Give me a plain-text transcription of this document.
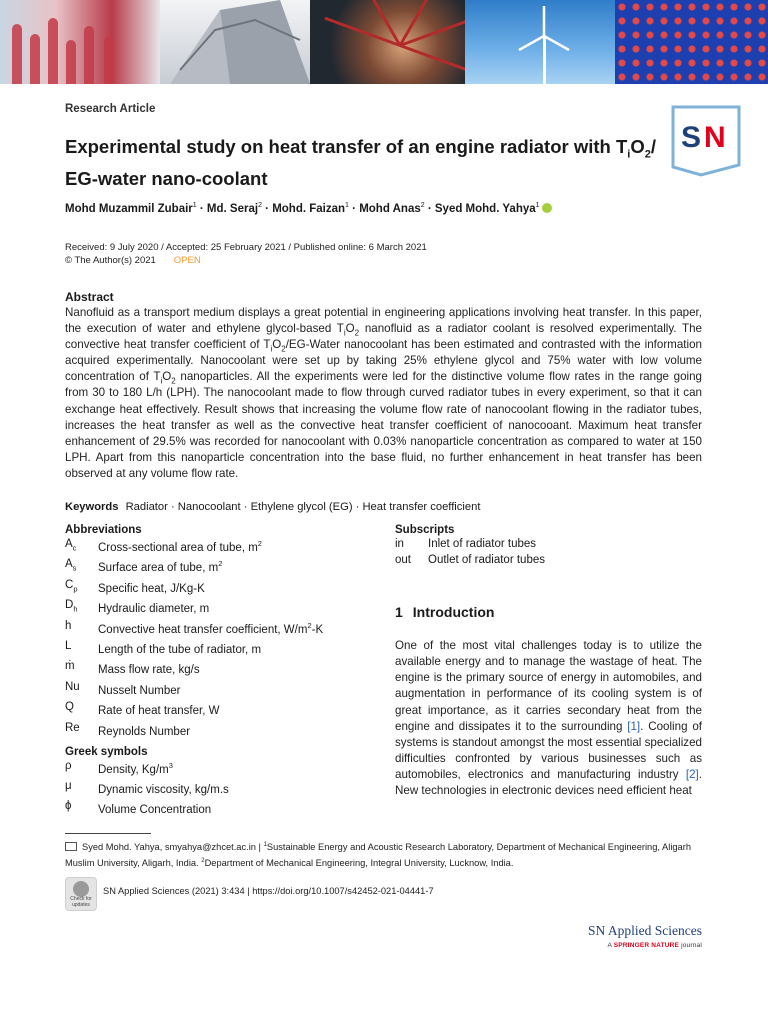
Research Article
Experimental study on heat transfer of an engine radiator with $T_iO_2/$
EG-water nano-coolant
S N
Mohd Muzammil Zubair$^1$ · Md. Seraj$^2$ · Mohd. Faizan$^1$ · Mohd Anas$^2$ · Syed Mohd. Yahya$^1$
Received: 9 July 2020 / Accepted: 25 February 2021 / Published online: 6 March 2021
© The Author(s) 2021 OPEN
Abstract
Nanofluid as a transport medium displays a great potential in engineering applications involving heat transfer. In this paper, the execution of water and ethylene glycol-based $T_iO_2$ nanofluid as a radiator coolant is resolved experimentally. The convective heat transfer coefficient of $T_iO_2/EG$-Water nanocoolant has been estimated and contrasted with the information acquired experimentally. Nanocoolant were set up by taking 25% ethylene glycol and 75% water with low volume concentration of $T_iO_2$ nanoparticles. All the experiments were led for the distinctive volume flow rates in the range going from 30 to 180 L/h (LPH). The nanocoolant made to flow through curved radiator tubes in every experiment, so that it can exchange heat effectively. Result shows that increasing the volume flow rate of nanocoolant flowing in the radiator tubes, increases the heat transfer as well as the convective heat transfer coefficient of nanocooant. Maximum heat transfer enhancement of 29.5% was recorded for nanocoolant with 0.03% nanoparticle concentration as compared to water at 150 LPH. Apart from this nanoparticle concentration into the base fluid, no further enhancement in heat transfer has been observed at any volume flow rate.
Keywords Radiator · Nanocoolant · Ethylene glycol (EG) · Heat transfer coefficient
Abbreviations
$A_c$	Cross-sectional area of tube, $m^2$
$A_s$	Surface area of tube, $m^2$
$C_p$	Specific heat, J/Kg-K
$D_h$	Hydraulic diameter, m
h	Convective heat transfer coefficient, $W/m^2-K$
L	Length of the tube of radiator, m
ṁ	Mass flow rate, kg/s
Nu	Nusselt Number
Q	Rate of heat transfer, W
Re	Reynolds Number
Greek symbols
ρ	Density, $Kg/m^3$
μ	Dynamic viscosity, kg/m.s
ϕ	Volume Concentration
Subscripts
in	Inlet of radiator tubes
out	Outlet of radiator tubes
1 Introduction
One of the most vital challenges today is to utilize the available energy and to manage the wastage of heat. The engine is the primary source of energy in automobiles, and augmentation in performance of its cooling system is of great importance, as it carries secondary heat from the engine and dissipates it to the surrounding [1]. Cooling of systems is standout amongst the most essential specialized difficulties confronted by various businesses such as automobiles, electronics and manufacturing industry [2]. New technologies in electronic devices need efficient heat
Syed Mohd. Yahya, smyahya@zhcet.ac.in | $^1$Sustainable Energy and Acoustic Research Laboratory, Department of Mechanical Engineering, Aligarh Muslim University, Aligarh, India. $^2$Department of Mechanical Engineering, Integral University, Lucknow, India.
Check for updates
SN Applied Sciences (2021) 3:434 | https://doi.org/10.1007/s42452-021-04441-7
SN Applied Sciences
A SPRINGER NATURE journal
